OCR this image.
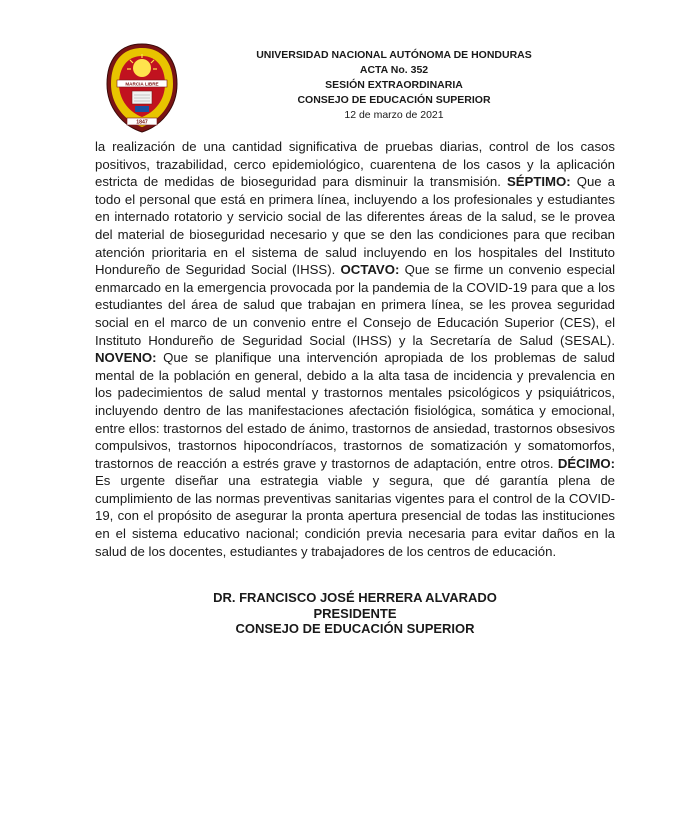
MARCIA LIBRE
1847
UNIVERSIDAD NACIONAL AUTÓNOMA DE HONDURAS
ACTA No. 352
SESIÓN EXTRAORDINARIA
CONSEJO DE EDUCACIÓN SUPERIOR
12 de marzo de 2021
la realización de una cantidad significativa de pruebas diarias, control de los casos positivos, trazabilidad, cerco epidemiológico, cuarentena de los casos y la aplicación estricta de medidas de bioseguridad para disminuir la transmisión. SÉPTIMO: Que a todo el personal que está en primera línea, incluyendo a los profesionales y estudiantes en internado rotatorio y servicio social de las diferentes áreas de la salud, se le provea del material de bioseguridad necesario y que se den las condiciones para que reciban atención prioritaria en el sistema de salud incluyendo en los hospitales del Instituto Hondureño de Seguridad Social (IHSS). OCTAVO: Que se firme un convenio especial enmarcado en la emergencia provocada por la pandemia de la COVID-19 para que a los estudiantes del área de salud que trabajan en primera línea, se les provea seguridad social en el marco de un convenio entre el Consejo de Educación Superior (CES), el Instituto Hondureño de Seguridad Social (IHSS) y la Secretaría de Salud (SESAL). NOVENO: Que se planifique una intervención apropiada de los problemas de salud mental de la población en general, debido a la alta tasa de incidencia y prevalencia en los padecimientos de salud mental y trastornos mentales psicológicos y psiquiátricos, incluyendo dentro de las manifestaciones afectación fisiológica, somática y emocional, entre ellos: trastornos del estado de ánimo, trastornos de ansiedad, trastornos obsesivos compulsivos, trastornos hipocondríacos, trastornos de somatización y somatomorfos, trastornos de reacción a estrés grave y trastornos de adaptación, entre otros. DÉCIMO: Es urgente diseñar una estrategia viable y segura, que dé garantía plena de cumplimiento de las normas preventivas sanitarias vigentes para el control de la COVID-19, con el propósito de asegurar la pronta apertura presencial de todas las instituciones en el sistema educativo nacional; condición previa necesaria para evitar daños en la salud de los docentes, estudiantes y trabajadores de los centros de educación.
DR. FRANCISCO JOSÉ HERRERA ALVARADO
PRESIDENTE
CONSEJO DE EDUCACIÓN SUPERIOR
